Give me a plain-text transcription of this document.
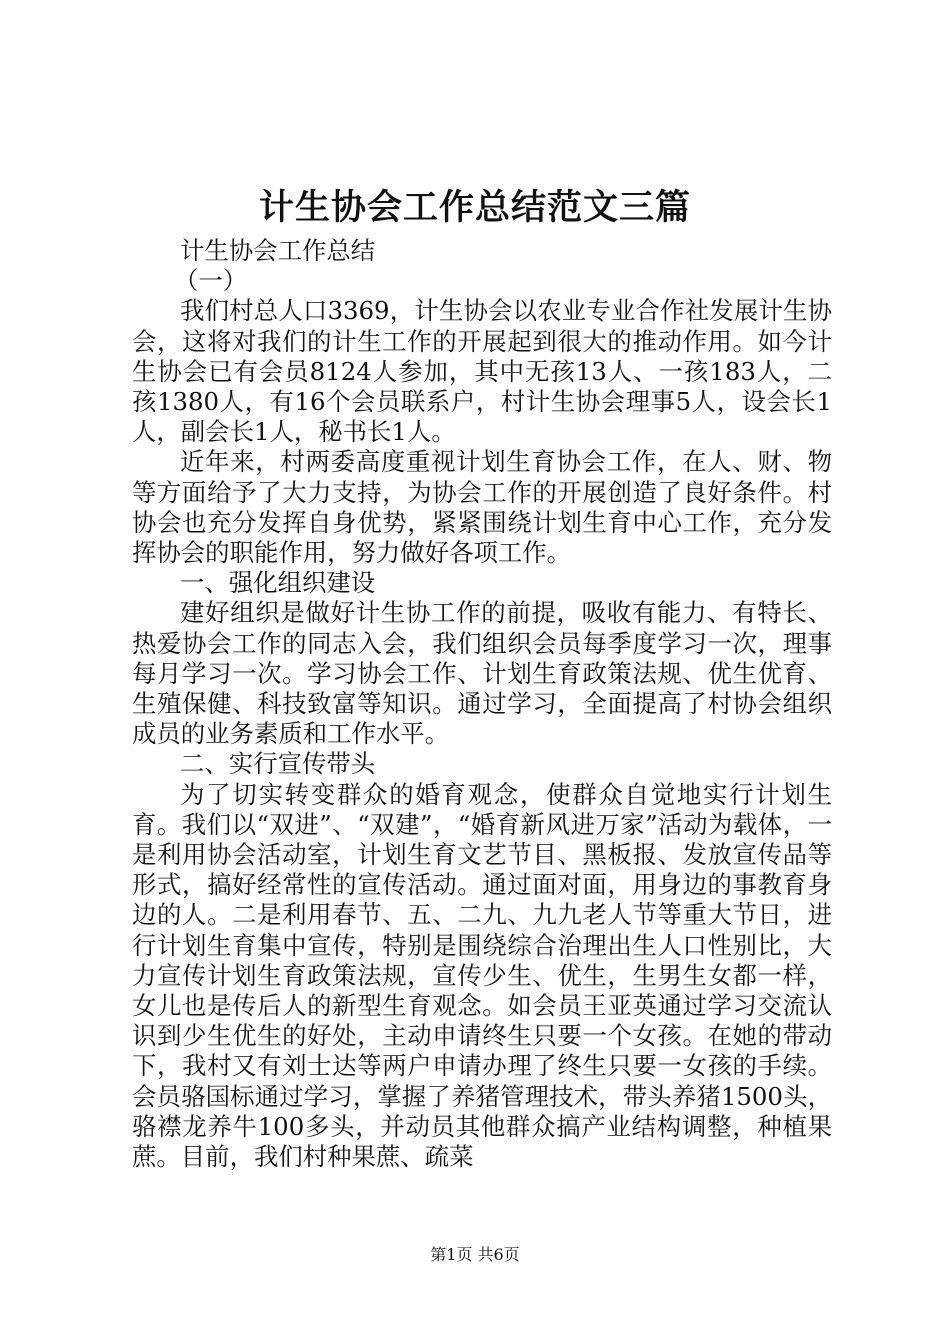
计生协会工作总结范文三篇

计生协会工作总结

（一）

我们村总人口3369，计生协会以农业专业合作社发展计生协会，这将对我们的计生工作的开展起到很大的推动作用。如今计生协会已有会员8124人参加，其中无孩13人、一孩183人，二孩1380人，有16个会员联系户，村计生协会理事5人，设会长1人，副会长1人，秘书长1人。

近年来，村两委高度重视计划生育协会工作，在人、财、物等方面给予了大力支持，为协会工作的开展创造了良好条件。村协会也充分发挥自身优势，紧紧围绕计划生育中心工作，充分发挥协会的职能作用，努力做好各项工作。

一、强化组织建设

建好组织是做好计生协工作的前提，吸收有能力、有特长、热爱协会工作的同志入会，我们组织会员每季度学习一次，理事每月学习一次。学习协会工作、计划生育政策法规、优生优育、生殖保健、科技致富等知识。通过学习，全面提高了村协会组织成员的业务素质和工作水平。

二、实行宣传带头

为了切实转变群众的婚育观念，使群众自觉地实行计划生育。我们以“双进”、“双建”，“婚育新风进万家”活动为载体，一是利用协会活动室，计划生育文艺节目、黑板报、发放宣传品等形式，搞好经常性的宣传活动。通过面对面，用身边的事教育身边的人。二是利用春节、五、二九、九九老人节等重大节日，进行计划生育集中宣传，特别是围绕综合治理出生人口性别比，大力宣传计划生育政策法规，宣传少生、优生，生男生女都一样，女儿也是传后人的新型生育观念。如会员王亚英通过学习交流认识到少生优生的好处，主动申请终生只要一个女孩。在她的带动下，我村又有刘士达等两户申请办理了终生只要一女孩的手续。会员骆国标通过学习，掌握了养猪管理技术，带头养猪1500头，骆襟龙养牛100多头，并动员其他群众搞产业结构调整，种植果蔗。目前，我们村种果蔗、疏菜

第1页 共6页
